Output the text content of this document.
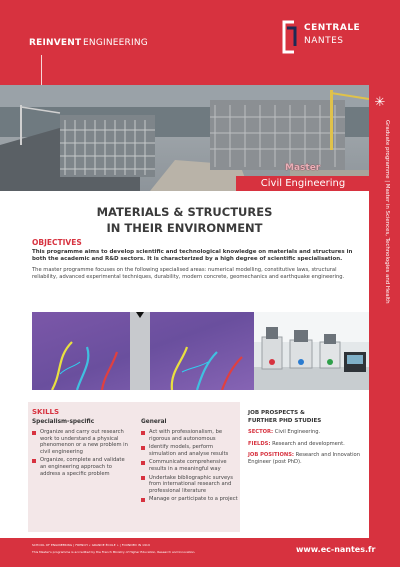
REINVENT ENGINEERING
CENTRALE
NANTES
✳
Graduate programme | Master in Sciences, Technologies and Health
Master
Civil Engineering
MATERIALS & STRUCTURES
IN THEIR ENVIRONMENT
OBJECTIVES
This programme aims to develop scientific and technological knowledge on materials and structures in both the academic and R&D sectors. It is characterized by a high degree of scientific specialisation.
The master programme focuses on the following specialised areas: numerical modelling, constitutive laws, structural reliability, advanced experimental techniques, durability, modern concrete, geomechanics and earthquake engineering.
SKILLS
Specialism-specific	General
Organize and carry out research work to understand a physical phenomenon or a new problem in civil engineering
Organize, complete and validate an engineering approach to address a specific problem
Act with professionalism, be rigorous and autonomous
Identify models, perform simulation and analyse results
Communicate comprehensive results in a meaningful way
Undertake bibliographic surveys from international research and professional literature
Manage or participate to a project
JOB PROSPECTS &
FURTHER PHD STUDIES
SECTOR: Civil Engineering.
FIELDS: Research and development.
JOB POSITIONS: Research and Innovation Engineer (post PhD).
SCHOOL OF ENGINEERING | FRENCH « GRANDE ÉCOLE » | FOUNDED IN 1919
This Master's programme is accredited by the French Ministry of Higher Education, Research and Innovation.	www.ec-nantes.fr
